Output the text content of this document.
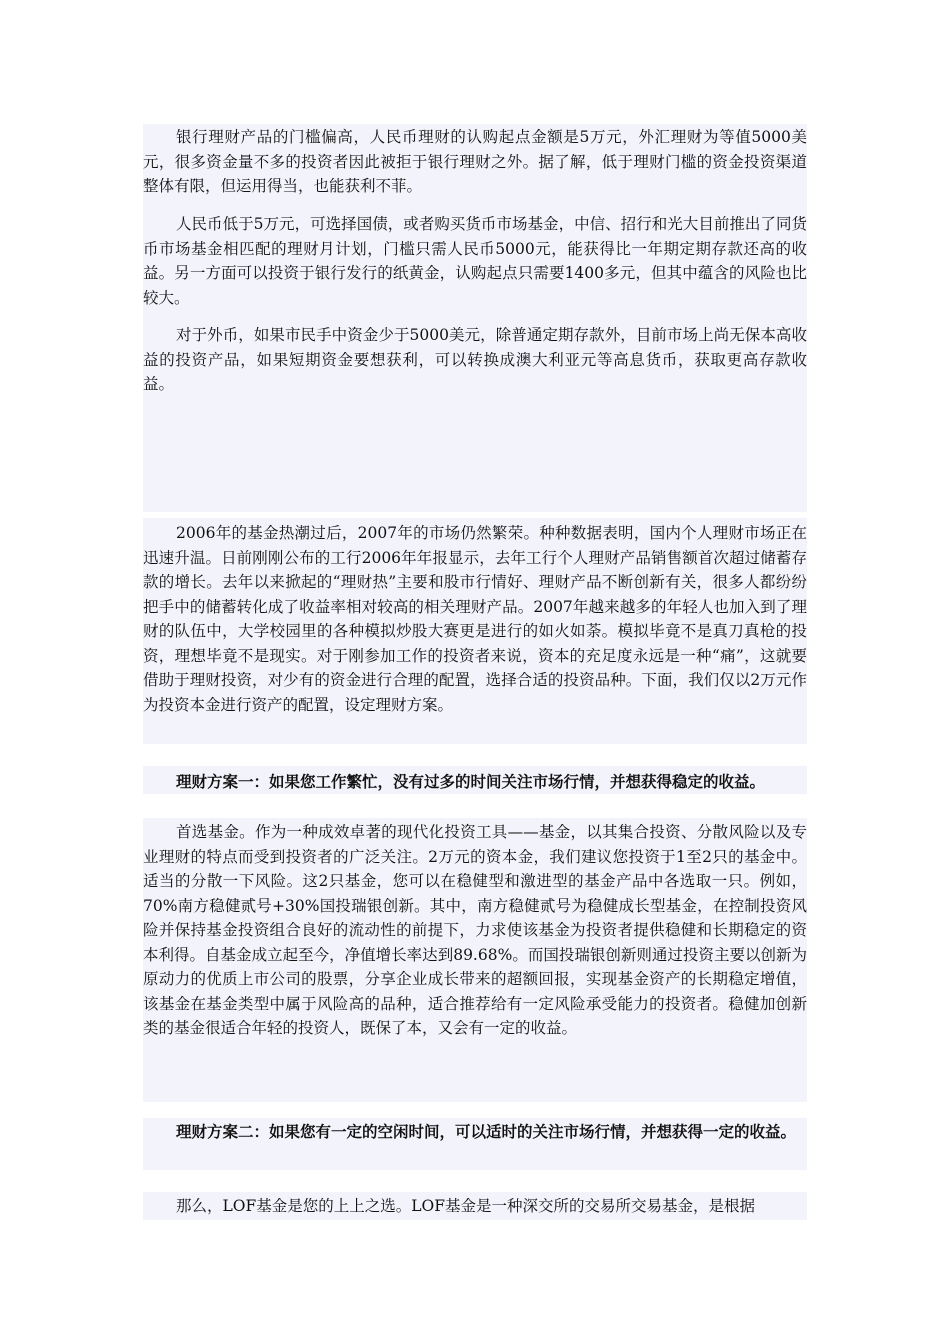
银行理财产品的门槛偏高，人民币理财的认购起点金额是5万元，外汇理财为等值5000美元，很多资金量不多的投资者因此被拒于银行理财之外。据了解，低于理财门槛的资金投资渠道整体有限，但运用得当，也能获利不菲。

人民币低于5万元，可选择国债，或者购买货币市场基金，中信、招行和光大目前推出了同货币市场基金相匹配的理财月计划，门槛只需人民币5000元，能获得比一年期定期存款还高的收益。另一方面可以投资于银行发行的纸黄金，认购起点只需要1400多元，但其中蕴含的风险也比较大。

对于外币，如果市民手中资金少于5000美元，除普通定期存款外，目前市场上尚无保本高收益的投资产品，如果短期资金要想获利，可以转换成澳大利亚元等高息货币，获取更高存款收益。

2006年的基金热潮过后，2007年的市场仍然繁荣。种种数据表明，国内个人理财市场正在迅速升温。日前刚刚公布的工行2006年年报显示，去年工行个人理财产品销售额首次超过储蓄存款的增长。去年以来掀起的“理财热”主要和股市行情好、理财产品不断创新有关，很多人都纷纷把手中的储蓄转化成了收益率相对较高的相关理财产品。2007年越来越多的年轻人也加入到了理财的队伍中，大学校园里的各种模拟炒股大赛更是进行的如火如荼。模拟毕竟不是真刀真枪的投资，理想毕竟不是现实。对于刚参加工作的投资者来说，资本的充足度永远是一种“痛”，这就要借助于理财投资，对少有的资金进行合理的配置，选择合适的投资品种。下面，我们仅以2万元作为投资本金进行资产的配置，设定理财方案。

理财方案一：如果您工作繁忙，没有过多的时间关注市场行情，并想获得稳定的收益。

首选基金。作为一种成效卓著的现代化投资工具——基金，以其集合投资、分散风险以及专业理财的特点而受到投资者的广泛关注。2万元的资本金，我们建议您投资于1至2只的基金中。适当的分散一下风险。这2只基金，您可以在稳健型和激进型的基金产品中各选取一只。例如，70%南方稳健贰号+30%国投瑞银创新。其中，南方稳健贰号为稳健成长型基金，在控制投资风险并保持基金投资组合良好的流动性的前提下，力求使该基金为投资者提供稳健和长期稳定的资本利得。自基金成立起至今，净值增长率达到89.68%。而国投瑞银创新则通过投资主要以创新为原动力的优质上市公司的股票，分享企业成长带来的超额回报，实现基金资产的长期稳定增值，该基金在基金类型中属于风险高的品种，适合推荐给有一定风险承受能力的投资者。稳健加创新类的基金很适合年轻的投资人，既保了本，又会有一定的收益。

理财方案二：如果您有一定的空闲时间，可以适时的关注市场行情，并想获得一定的收益。

那么，LOF基金是您的上上之选。LOF基金是一种深交所的交易所交易基金，是根据
